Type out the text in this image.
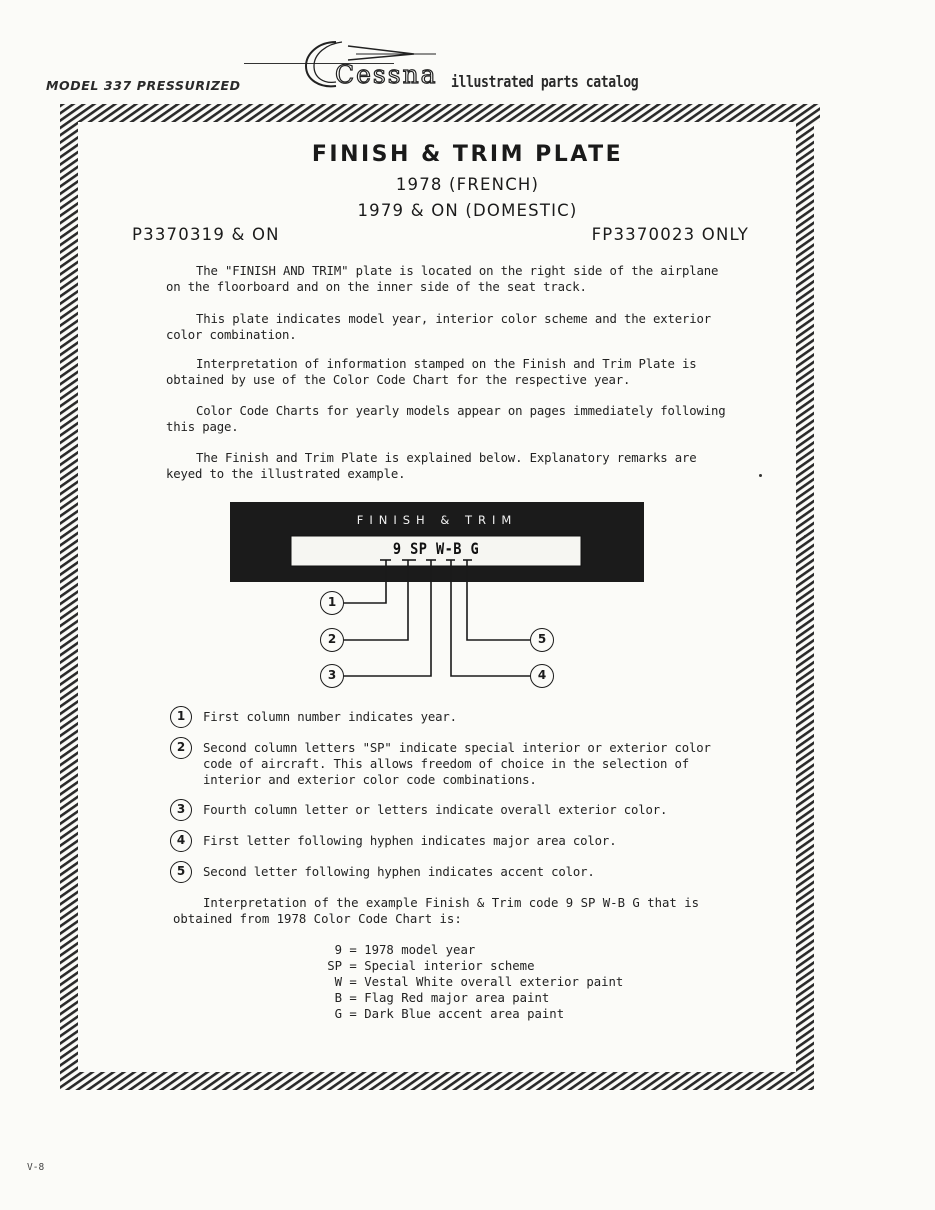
MODEL 337 PRESSURIZED	Cessna illustrated parts catalog
FINISH & TRIM PLATE
1978 (FRENCH)
1979 & ON (DOMESTIC)
P3370319 & ON	FP3370023 ONLY
The "FINISH AND TRIM" plate is located on the right side of the airplane on the floorboard and on the inner side of the seat track.
This plate indicates model year, interior color scheme and the exterior color combination.
Interpretation of information stamped on the Finish and Trim Plate is obtained by use of the Color Code Chart for the respective year.
Color Code Charts for yearly models appear on pages immediately following this page.
The Finish and Trim Plate is explained below. Explanatory remarks are keyed to the illustrated example.
FINISH & TRIM
9 SP W-B G
1
2
3	4
5
1	First column number indicates year.
2	Second column letters "SP" indicate special interior or exterior color code of aircraft. This allows freedom of choice in the selection of interior and exterior color code combinations.
3	Fourth column letter or letters indicate overall exterior color.
4	First letter following hyphen indicates major area color.
5	Second letter following hyphen indicates accent color.
Interpretation of the example Finish & Trim code 9 SP W-B G that is obtained from 1978 Color Code Chart is:
9 = 1978 model year
SP = Special interior scheme
W = Vestal White overall exterior paint
B = Flag Red major area paint
G = Dark Blue accent area paint
V-8
